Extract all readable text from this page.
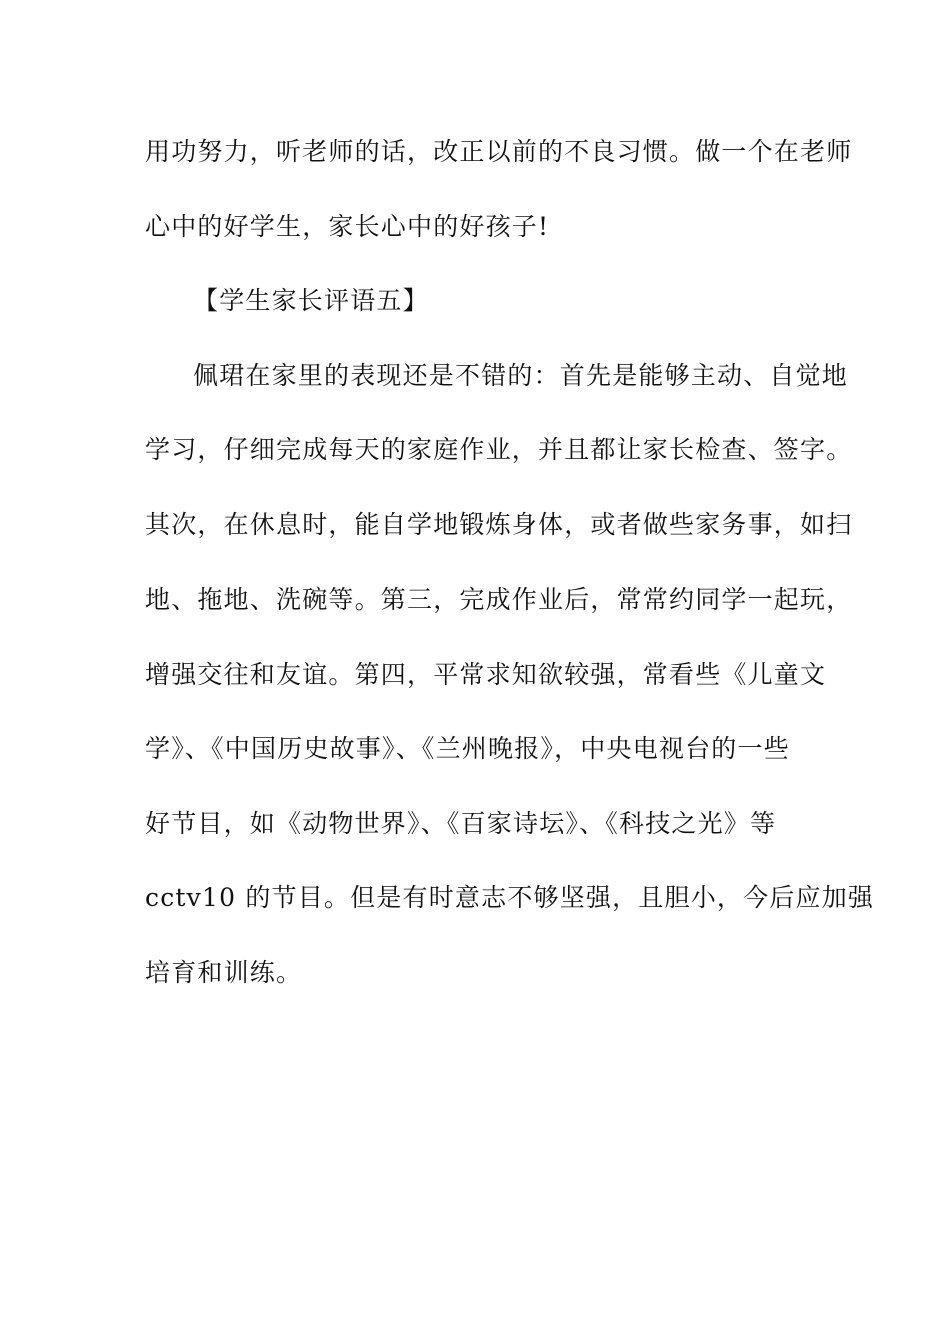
用功努力，听老师的话，改正以前的不良习惯。做一个在老师
心中的好学生，家长心中的好孩子!
【学生家长评语五】
佩珺在家里的表现还是不错的：首先是能够主动、自觉地
学习，仔细完成每天的家庭作业，并且都让家长检查、签字。
其次，在休息时，能自学地锻炼身体，或者做些家务事，如扫
地、拖地、洗碗等。第三，完成作业后，常常约同学一起玩，
增强交往和友谊。第四，平常求知欲较强，常看些《儿童文
学》、《中国历史故事》、《兰州晚报》，中央电视台的一些
好节目，如《动物世界》、《百家诗坛》、《科技之光》等
cctv10 的节目。但是有时意志不够坚强，且胆小，今后应加强
培育和训练。
